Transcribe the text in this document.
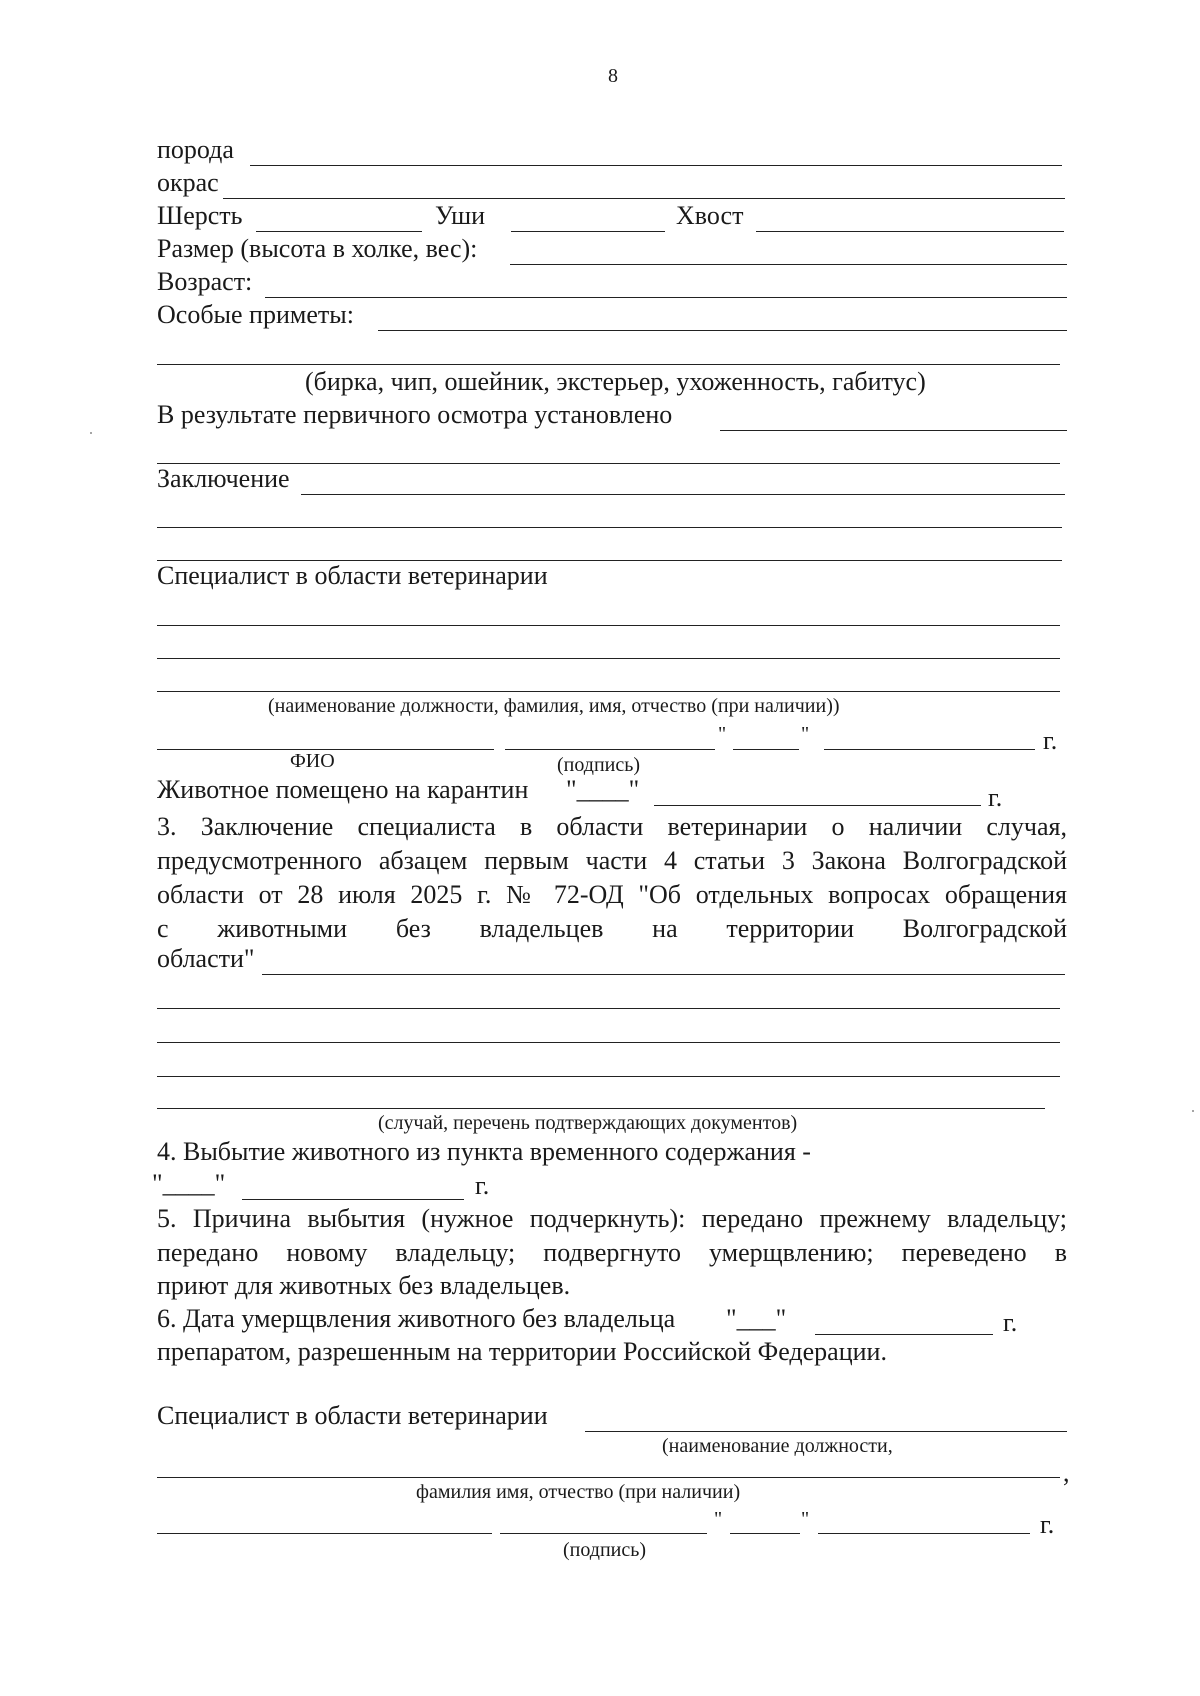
8
порода
окрас
Шерсть	Уши	Хвост
Размер (высота в холке, вес):
Возраст:
Особые приметы:
(бирка, чип, ошейник, экстерьер, ухоженность, габитус)
В результате первичного осмотра установлено
Заключение
Специалист в области ветеринарии
(наименование должности, фамилия, имя, отчество (при наличии))
"	"	г.
ФИО	(подпись)
Животное помещено на карантин "____"	г.
3. Заключение специалиста в области ветеринарии о наличии случая,
предусмотренного абзацем первым части 4 статьи 3 Закона Волгоградской
области от 28 июля 2025 г. № 72-ОД "Об отдельных вопросах обращения
с животными без владельцев на территории Волгоградской
области"
(случай, перечень подтверждающих документов)
4. Выбытие животного из пункта временного содержания -
"____"	г.
5. Причина выбытия (нужное подчеркнуть): передано прежнему владельцу;
передано новому владельцу; подвергнуто умерщвлению; переведено в
приют для животных без владельцев.
6. Дата умерщвления животного без владельца "___"	г.
препаратом, разрешенным на территории Российской Федерации.
Специалист в области ветеринарии
(наименование должности,
,
фамилия имя, отчество (при наличии)
"	"	г.
(подпись)
